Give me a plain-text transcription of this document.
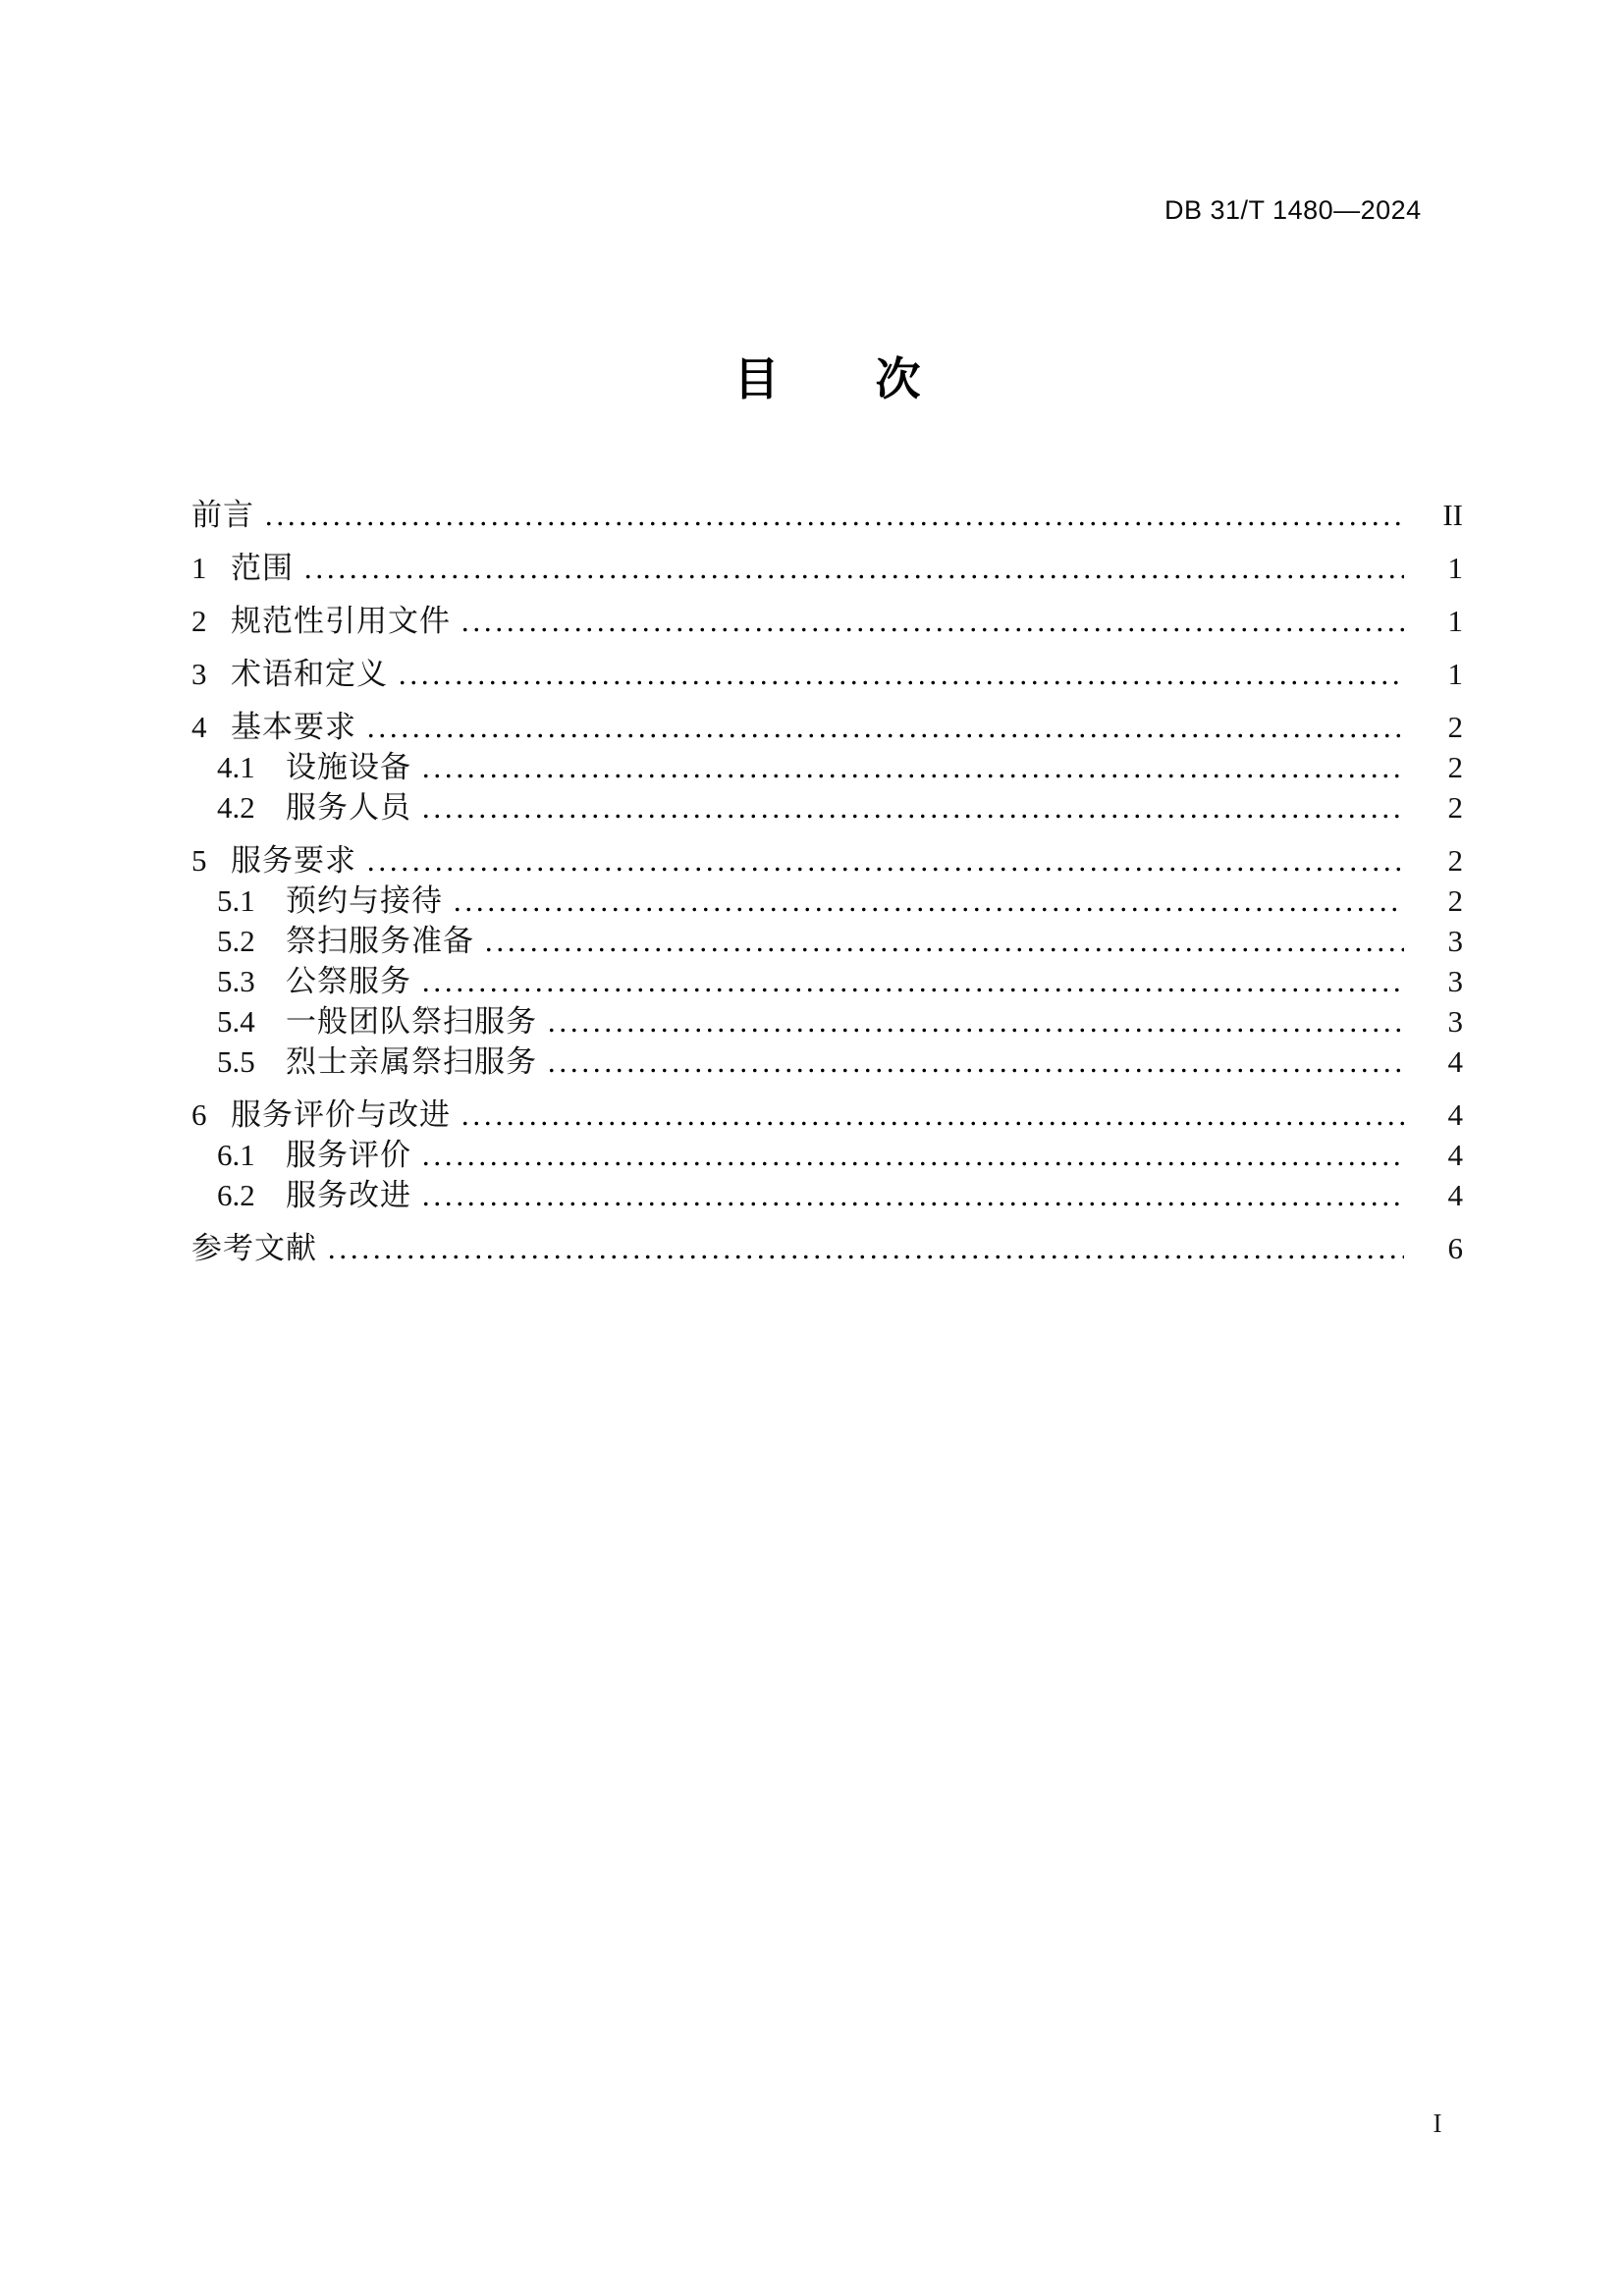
DB 31/T 1480—2024
目 次
前言	II
1 范围	1
2 规范性引用文件	1
3 术语和定义	1
4 基本要求	2
4.1	设施设备	2
4.2	服务人员	2
5 服务要求	2
5.1	预约与接待	2
5.2	祭扫服务准备	3
5.3	公祭服务	3
5.4	一般团队祭扫服务	3
5.5	烈士亲属祭扫服务	4
6 服务评价与改进	4
6.1	服务评价	4
6.2	服务改进	4
参考文献	6
I
